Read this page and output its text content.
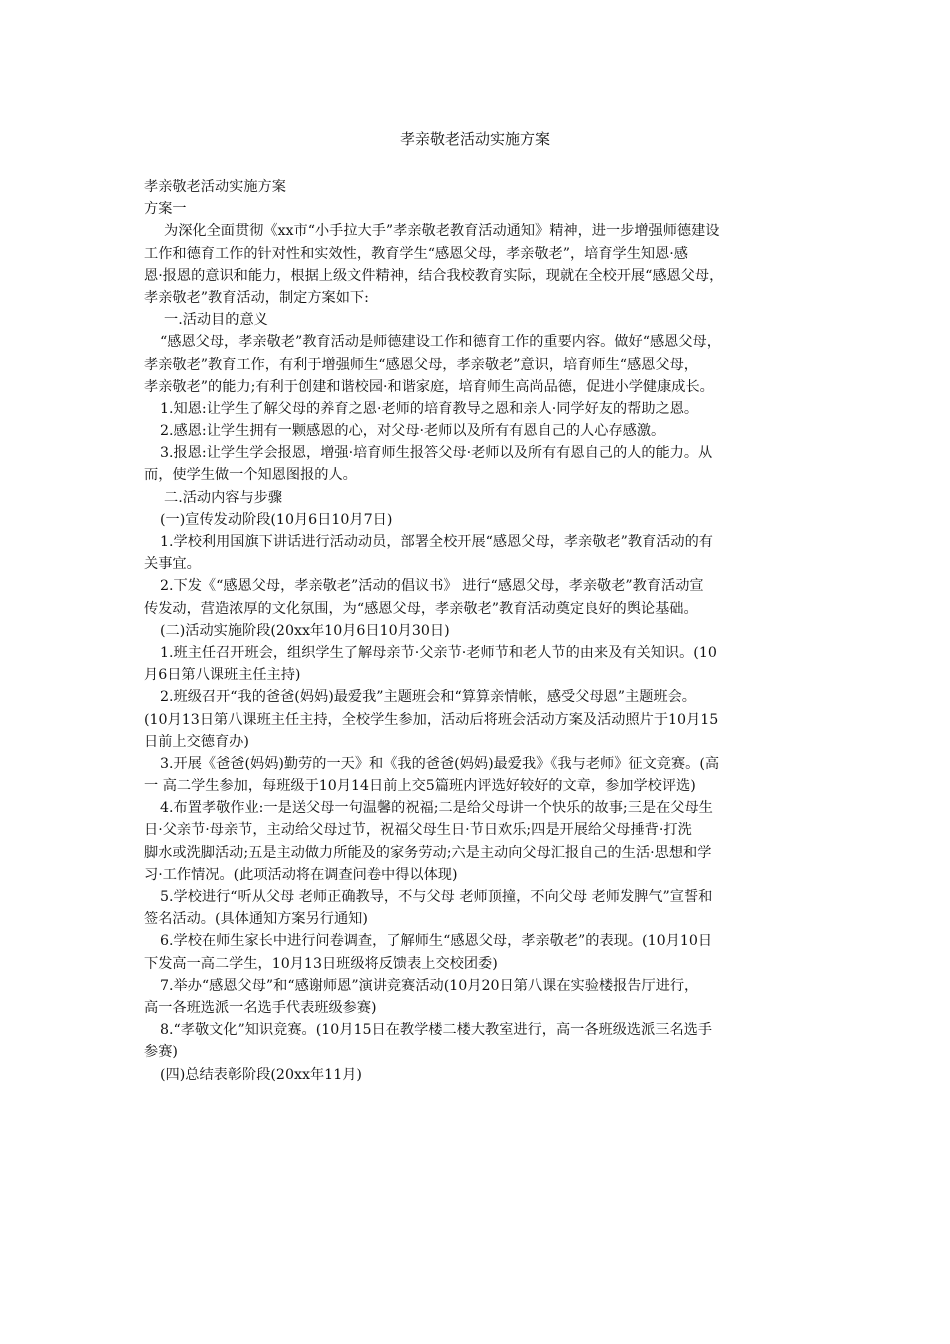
孝亲敬老活动实施方案
孝亲敬老活动实施方案
方案一
为深化全面贯彻《xx市“小手拉大手”孝亲敬老教育活动通知》精神，进一步增强师德建设
工作和德育工作的针对性和实效性，教育学生“感恩父母，孝亲敬老”，培育学生知恩·感
恩·报恩的意识和能力，根据上级文件精神，结合我校教育实际，现就在全校开展“感恩父母，
孝亲敬老”教育活动，制定方案如下:
一.活动目的意义
“感恩父母，孝亲敬老”教育活动是师德建设工作和德育工作的重要内容。做好“感恩父母，
孝亲敬老”教育工作，有利于增强师生“感恩父母，孝亲敬老”意识，培育师生“感恩父母，
孝亲敬老”的能力;有利于创建和谐校园·和谐家庭，培育师生高尚品德，促进小学健康成长。
1.知恩:让学生了解父母的养育之恩·老师的培育教导之恩和亲人·同学好友的帮助之恩。
2.感恩:让学生拥有一颗感恩的心，对父母·老师以及所有有恩自己的人心存感激。
3.报恩:让学生学会报恩，增强·培育师生报答父母·老师以及所有有恩自己的人的能力。从
而，使学生做一个知恩图报的人。
二.活动内容与步骤
(一)宣传发动阶段(10月6日10月7日)
1.学校利用国旗下讲话进行活动动员，部署全校开展“感恩父母，孝亲敬老”教育活动的有
关事宜。
2.下发《“感恩父母，孝亲敬老”活动的倡议书》 进行“感恩父母，孝亲敬老”教育活动宣
传发动，营造浓厚的文化氛围，为“感恩父母，孝亲敬老”教育活动奠定良好的舆论基础。
(二)活动实施阶段(20xx年10月6日10月30日)
1.班主任召开班会，组织学生了解母亲节·父亲节·老师节和老人节的由来及有关知识。(10
月6日第八课班主任主持)
2.班级召开“我的爸爸(妈妈)最爱我”主题班会和“算算亲情帐，感受父母恩”主题班会。
(10月13日第八课班主任主持，全校学生参加，活动后将班会活动方案及活动照片于10月15
日前上交德育办)
3.开展《爸爸(妈妈)勤劳的一天》和《我的爸爸(妈妈)最爱我》《我与老师》征文竞赛。(高
一 高二学生参加，每班级于10月14日前上交5篇班内评选好较好的文章，参加学校评选)
4.布置孝敬作业:一是送父母一句温馨的祝福;二是给父母讲一个快乐的故事;三是在父母生
日·父亲节·母亲节，主动给父母过节，祝福父母生日·节日欢乐;四是开展给父母捶背·打洗
脚水或洗脚活动;五是主动做力所能及的家务劳动;六是主动向父母汇报自己的生活·思想和学
习·工作情况。(此项活动将在调查问卷中得以体现)
5.学校进行“听从父母 老师正确教导，不与父母 老师顶撞，不向父母 老师发脾气”宣誓和
签名活动。(具体通知方案另行通知)
6.学校在师生家长中进行问卷调查，了解师生“感恩父母，孝亲敬老”的表现。(10月10日
下发高一高二学生，10月13日班级将反馈表上交校团委)
7.举办“感恩父母”和“感谢师恩”演讲竞赛活动(10月20日第八课在实验楼报告厅进行，
高一各班选派一名选手代表班级参赛)
8.“孝敬文化”知识竞赛。(10月15日在教学楼二楼大教室进行，高一各班级选派三名选手
参赛)
(四)总结表彰阶段(20xx年11月)
